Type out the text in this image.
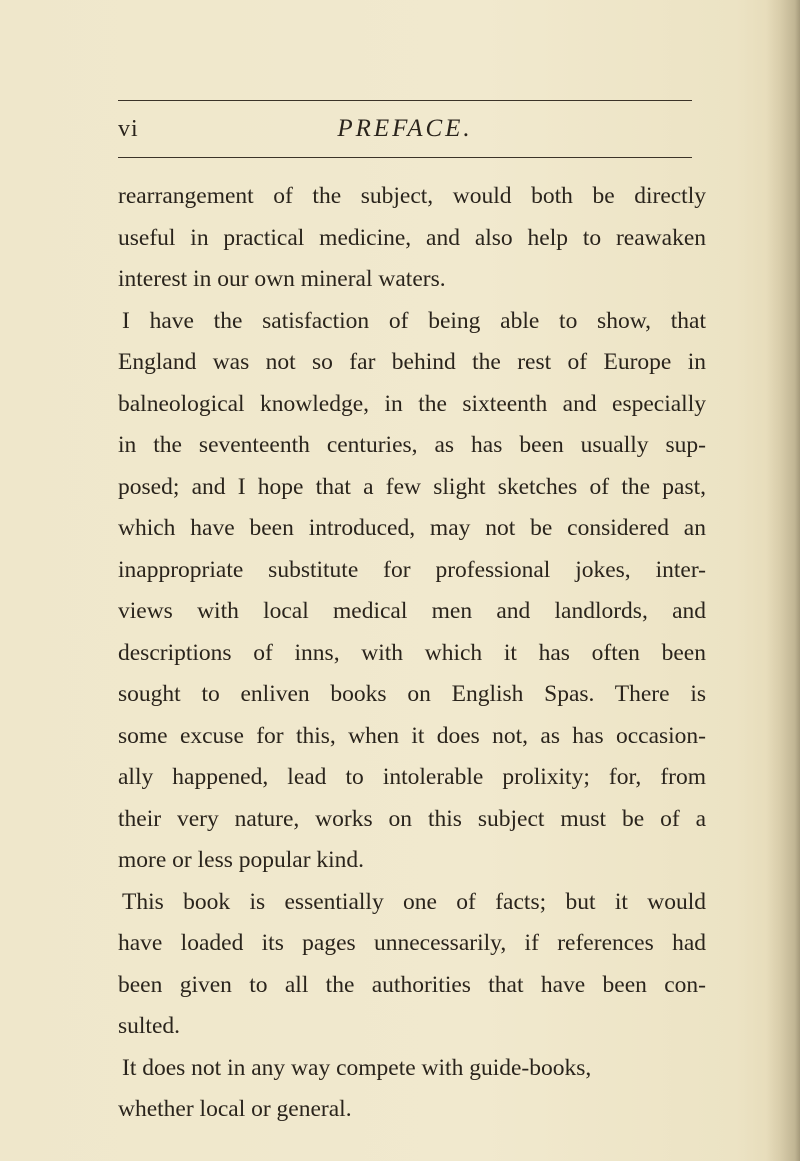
vi	PREFACE.
rearrangement of the subject, would both be directly
useful in practical medicine, and also help to reawaken
interest in our own mineral waters.
I have the satisfaction of being able to show, that
England was not so far behind the rest of Europe in
balneological knowledge, in the sixteenth and especially
in the seventeenth centuries, as has been usually sup-
posed; and I hope that a few slight sketches of the past,
which have been introduced, may not be considered an
inappropriate substitute for professional jokes, inter-
views with local medical men and landlords, and
descriptions of inns, with which it has often been
sought to enliven books on English Spas. There is
some excuse for this, when it does not, as has occasion-
ally happened, lead to intolerable prolixity; for, from
their very nature, works on this subject must be of a
more or less popular kind.
This book is essentially one of facts; but it would
have loaded its pages unnecessarily, if references had
been given to all the authorities that have been con-
sulted.
It does not in any way compete with guide-books,
whether local or general.
